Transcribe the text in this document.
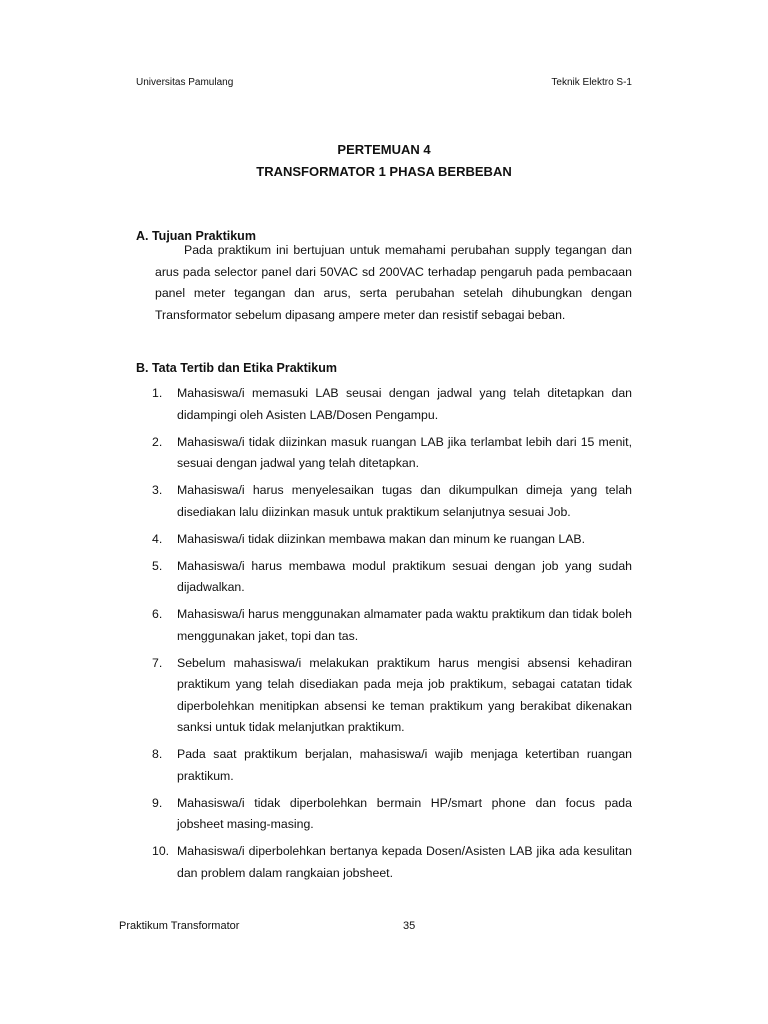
Universitas Pamulang	Teknik Elektro S-1
PERTEMUAN 4
TRANSFORMATOR 1 PHASA BERBEBAN
A. Tujuan Praktikum

Pada praktikum ini bertujuan untuk memahami perubahan supply tegangan dan arus pada selector panel dari 50VAC sd 200VAC terhadap pengaruh pada pembacaan panel meter tegangan dan arus, serta perubahan setelah dihubungkan dengan Transformator sebelum dipasang ampere meter dan resistif sebagai beban.

B. Tata Tertib dan Etika Praktikum
1.	Mahasiswa/i memasuki LAB seusai dengan jadwal yang telah ditetapkan dan didampingi oleh Asisten LAB/Dosen Pengampu.
2.	Mahasiswa/i tidak diizinkan masuk ruangan LAB jika terlambat lebih dari 15 menit, sesuai dengan jadwal yang telah ditetapkan.
3.	Mahasiswa/i harus menyelesaikan tugas dan dikumpulkan dimeja yang telah disediakan lalu diizinkan masuk untuk praktikum selanjutnya sesuai Job.
4.	Mahasiswa/i tidak diizinkan membawa makan dan minum ke ruangan LAB.
5.	Mahasiswa/i harus membawa modul praktikum sesuai dengan job yang sudah dijadwalkan.
6.	Mahasiswa/i harus menggunakan almamater pada waktu praktikum dan tidak boleh menggunakan jaket, topi dan tas.
7.	Sebelum mahasiswa/i melakukan praktikum harus mengisi absensi kehadiran praktikum yang telah disediakan pada meja job praktikum, sebagai catatan tidak diperbolehkan menitipkan absensi ke teman praktikum yang berakibat dikenakan sanksi untuk tidak melanjutkan praktikum.
8.	Pada saat praktikum berjalan, mahasiswa/i wajib menjaga ketertiban ruangan praktikum.
9.	Mahasiswa/i tidak diperbolehkan bermain HP/smart phone dan focus pada jobsheet masing-masing.
10. Mahasiswa/i diperbolehkan bertanya kepada Dosen/Asisten LAB jika ada kesulitan dan problem dalam rangkaian jobsheet.
Praktikum Transformator	35
